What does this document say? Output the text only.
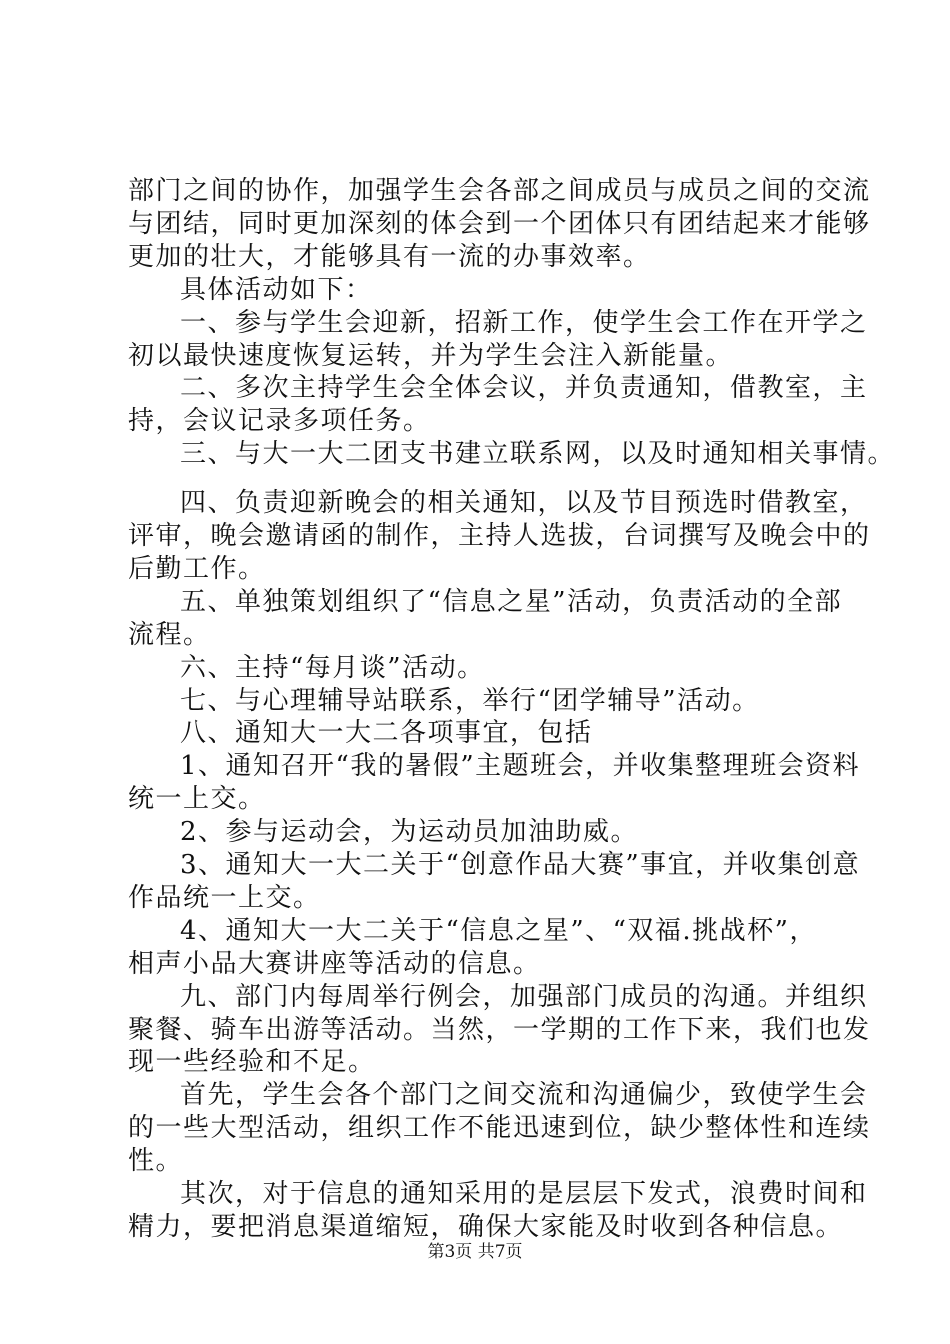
部门之间的协作，加强学生会各部之间成员与成员之间的交流
与团结，同时更加深刻的体会到一个团体只有团结起来才能够
更加的壮大，才能够具有一流的办事效率。
具体活动如下：
一、参与学生会迎新，招新工作，使学生会工作在开学之
初以最快速度恢复运转，并为学生会注入新能量。
二、多次主持学生会全体会议，并负责通知，借教室，主
持，会议记录多项任务。
三、与大一大二团支书建立联系网，以及时通知相关事情。
四、负责迎新晚会的相关通知，以及节目预选时借教室，
评审，晚会邀请函的制作，主持人选拔，台词撰写及晚会中的
后勤工作。
五、单独策划组织了“信息之星”活动，负责活动的全部
流程。
六、主持“每月谈”活动。
七、与心理辅导站联系，举行“团学辅导”活动。
八、通知大一大二各项事宜，包括
1、通知召开“我的暑假”主题班会，并收集整理班会资料
统一上交。
2、参与运动会，为运动员加油助威。
3、通知大一大二关于“创意作品大赛”事宜，并收集创意
作品统一上交。
4、通知大一大二关于“信息之星”、“双福.挑战杯”，
相声小品大赛讲座等活动的信息。
九、部门内每周举行例会，加强部门成员的沟通。并组织
聚餐、骑车出游等活动。当然，一学期的工作下来，我们也发
现一些经验和不足。
首先，学生会各个部门之间交流和沟通偏少，致使学生会
的一些大型活动，组织工作不能迅速到位，缺少整体性和连续
性。
其次，对于信息的通知采用的是层层下发式，浪费时间和
精力，要把消息渠道缩短，确保大家能及时收到各种信息。
第3页 共7页
